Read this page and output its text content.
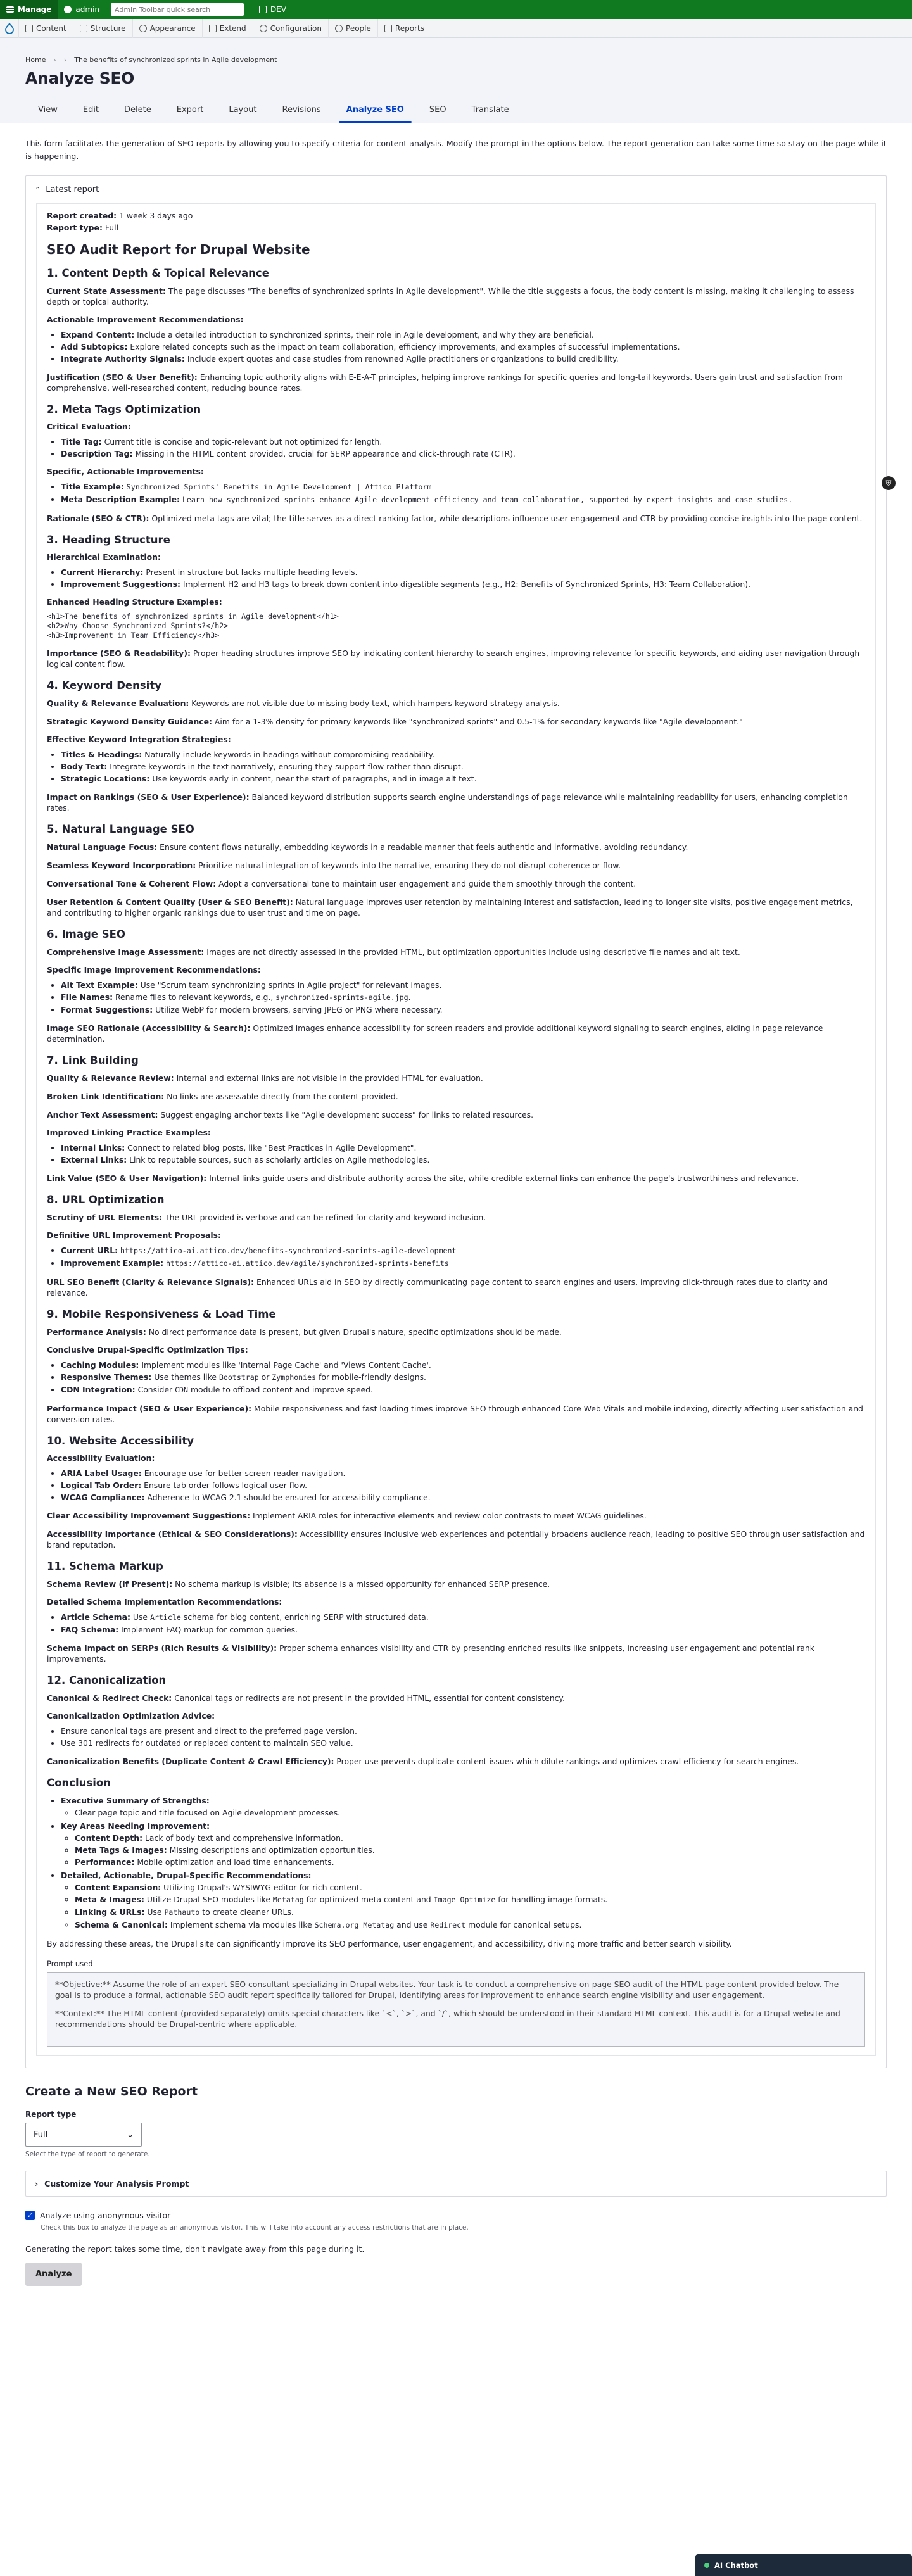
Manage	admin	Admin Toolbar quick search	DEV
Content	Structure	Appearance	Extend	Configuration	People	Reports
Home › › The benefits of synchronized sprints in Agile development
Analyze SEO
View	Edit	Delete	Export	Layout	Revisions	Analyze SEO	SEO	Translate

This form facilitates the generation of SEO reports by allowing you to specify criteria for content analysis. Modify the prompt in the options below. The report generation can take some time so stay on the page while it is happening.

⌃ Latest report

Report created: 1 week 3 days ago

Report type: Full

SEO Audit Report for Drupal Website
1. Content Depth & Topical Relevance

Current State Assessment: The page discusses "The benefits of synchronized sprints in Agile development". While the title suggests a focus, the body content is missing, making it challenging to assess depth or topical authority.

Actionable Improvement Recommendations:
• Expand Content: Include a detailed introduction to synchronized sprints, their role in Agile development, and why they are beneficial.
• Add Subtopics: Explore related concepts such as the impact on team collaboration, efficiency improvements, and examples of successful implementations.
• Integrate Authority Signals: Include expert quotes and case studies from renowned Agile practitioners or organizations to build credibility.

Justification (SEO & User Benefit): Enhancing topic authority aligns with E-E-A-T principles, helping improve rankings for specific queries and long-tail keywords. Users gain trust and satisfaction from comprehensive, well-researched content, reducing bounce rates.

2. Meta Tags Optimization
Critical Evaluation:
• Title Tag: Current title is concise and topic-relevant but not optimized for length.
• Description Tag: Missing in the HTML content provided, crucial for SERP appearance and click-through rate (CTR).
Specific, Actionable Improvements:
• Title Example: Synchronized Sprints' Benefits in Agile Development | Attico Platform
• Meta Description Example: Learn how synchronized sprints enhance Agile development efficiency and team collaboration, supported by expert insights and case studies.

Rationale (SEO & CTR): Optimized meta tags are vital; the title serves as a direct ranking factor, while descriptions influence user engagement and CTR by providing concise insights into the page content.

3. Heading Structure
Hierarchical Examination:
• Current Hierarchy: Present in structure but lacks multiple heading levels.
• Improvement Suggestions: Implement H2 and H3 tags to break down content into digestible segments (e.g., H2: Benefits of Synchronized Sprints, H3: Team Collaboration).
Enhanced Heading Structure Examples:
<h1>The benefits of synchronized sprints in Agile development</h1>
<h2>Why Choose Synchronized Sprints?</h2>
<h3>Improvement in Team Efficiency</h3>

Importance (SEO & Readability): Proper heading structures improve SEO by indicating content hierarchy to search engines, improving relevance for specific keywords, and aiding user navigation through logical content flow.

4. Keyword Density

Quality & Relevance Evaluation: Keywords are not visible due to missing body text, which hampers keyword strategy analysis.

Strategic Keyword Density Guidance: Aim for a 1-3% density for primary keywords like "synchronized sprints" and 0.5-1% for secondary keywords like "Agile development."

Effective Keyword Integration Strategies:
• Titles & Headings: Naturally include keywords in headings without compromising readability.
• Body Text: Integrate keywords in the text narratively, ensuring they support flow rather than disrupt.
• Strategic Locations: Use keywords early in content, near the start of paragraphs, and in image alt text.

Impact on Rankings (SEO & User Experience): Balanced keyword distribution supports search engine understandings of page relevance while maintaining readability for users, enhancing completion rates.

5. Natural Language SEO

Natural Language Focus: Ensure content flows naturally, embedding keywords in a readable manner that feels authentic and informative, avoiding redundancy.

Seamless Keyword Incorporation: Prioritize natural integration of keywords into the narrative, ensuring they do not disrupt coherence or flow.

Conversational Tone & Coherent Flow: Adopt a conversational tone to maintain user engagement and guide them smoothly through the content.

User Retention & Content Quality (User & SEO Benefit): Natural language improves user retention by maintaining interest and satisfaction, leading to longer site visits, positive engagement metrics, and contributing to higher organic rankings due to user trust and time on page.

6. Image SEO

Comprehensive Image Assessment: Images are not directly assessed in the provided HTML, but optimization opportunities include using descriptive file names and alt text.

Specific Image Improvement Recommendations:
• Alt Text Example: Use "Scrum team synchronizing sprints in Agile project" for relevant images.
• File Names: Rename files to relevant keywords, e.g., synchronized-sprints-agile.jpg.
• Format Suggestions: Utilize WebP for modern browsers, serving JPEG or PNG where necessary.

Image SEO Rationale (Accessibility & Search): Optimized images enhance accessibility for screen readers and provide additional keyword signaling to search engines, aiding in page relevance determination.

7. Link Building

Quality & Relevance Review: Internal and external links are not visible in the provided HTML for evaluation.

Broken Link Identification: No links are assessable directly from the content provided.

Anchor Text Assessment: Suggest engaging anchor texts like "Agile development success" for links to related resources.

Improved Linking Practice Examples:
• Internal Links: Connect to related blog posts, like "Best Practices in Agile Development".
• External Links: Link to reputable sources, such as scholarly articles on Agile methodologies.

Link Value (SEO & User Navigation): Internal links guide users and distribute authority across the site, while credible external links can enhance the page's trustworthiness and relevance.

8. URL Optimization

Scrutiny of URL Elements: The URL provided is verbose and can be refined for clarity and keyword inclusion.

Definitive URL Improvement Proposals:
• Current URL: https://attico-ai.attico.dev/benefits-synchronized-sprints-agile-development
• Improvement Example: https://attico-ai.attico.dev/agile/synchronized-sprints-benefits

URL SEO Benefit (Clarity & Relevance Signals): Enhanced URLs aid in SEO by directly communicating page content to search engines and users, improving click-through rates due to clarity and relevance.

9. Mobile Responsiveness & Load Time

Performance Analysis: No direct performance data is present, but given Drupal's nature, specific optimizations should be made.

Conclusive Drupal-Specific Optimization Tips:
• Caching Modules: Implement modules like 'Internal Page Cache' and 'Views Content Cache'.
• Responsive Themes: Use themes like Bootstrap or Zymphonies for mobile-friendly designs.
• CDN Integration: Consider CDN module to offload content and improve speed.

Performance Impact (SEO & User Experience): Mobile responsiveness and fast loading times improve SEO through enhanced Core Web Vitals and mobile indexing, directly affecting user satisfaction and conversion rates.

10. Website Accessibility
Accessibility Evaluation:
• ARIA Label Usage: Encourage use for better screen reader navigation.
• Logical Tab Order: Ensure tab order follows logical user flow.
• WCAG Compliance: Adherence to WCAG 2.1 should be ensured for accessibility compliance.

Clear Accessibility Improvement Suggestions: Implement ARIA roles for interactive elements and review color contrasts to meet WCAG guidelines.

Accessibility Importance (Ethical & SEO Considerations): Accessibility ensures inclusive web experiences and potentially broadens audience reach, leading to positive SEO through user satisfaction and brand reputation.

11. Schema Markup

Schema Review (If Present): No schema markup is visible; its absence is a missed opportunity for enhanced SERP presence.

Detailed Schema Implementation Recommendations:
• Article Schema: Use Article schema for blog content, enriching SERP with structured data.
• FAQ Schema: Implement FAQ markup for common queries.

Schema Impact on SERPs (Rich Results & Visibility): Proper schema enhances visibility and CTR by presenting enriched results like snippets, increasing user engagement and potential rank improvements.

12. Canonicalization

Canonical & Redirect Check: Canonical tags or redirects are not present in the provided HTML, essential for content consistency.

Canonicalization Optimization Advice:
• Ensure canonical tags are present and direct to the preferred page version.
• Use 301 redirects for outdated or replaced content to maintain SEO value.

Canonicalization Benefits (Duplicate Content & Crawl Efficiency): Proper use prevents duplicate content issues which dilute rankings and optimizes crawl efficiency for search engines.

Conclusion
• Executive Summary of Strengths:
◦ Clear page topic and title focused on Agile development processes.
• Key Areas Needing Improvement:
◦ Content Depth: Lack of body text and comprehensive information.
◦ Meta Tags & Images: Missing descriptions and optimization opportunities.
◦ Performance: Mobile optimization and load time enhancements.
• Detailed, Actionable, Drupal-Specific Recommendations:
◦ Content Expansion: Utilizing Drupal's WYSIWYG editor for rich content.
◦ Meta & Images: Utilize Drupal SEO modules like Metatag for optimized meta content and Image Optimize for handling image formats.
◦ Linking & URLs: Use Pathauto to create cleaner URLs.
◦ Schema & Canonical: Implement schema via modules like Schema.org Metatag and use Redirect module for canonical setups.

By addressing these areas, the Drupal site can significantly improve its SEO performance, user engagement, and accessibility, driving more traffic and better search visibility.

Prompt used

**Objective:** Assume the role of an expert SEO consultant specializing in Drupal websites. Your task is to conduct a comprehensive on-page SEO audit of the HTML page content provided below. The goal is to produce a formal, actionable SEO audit report specifically tailored for Drupal, identifying areas for improvement to enhance search engine visibility and user engagement.

**Context:** The HTML content (provided separately) omits special characters like `<`, `>`, and `/`, which should be understood in their standard HTML context. This audit is for a Drupal website and recommendations should be Drupal-centric where applicable.

Create a New SEO Report
Report type
Full	⌄
Select the type of report to generate.
› Customize Your Analysis Prompt
✓ Analyze using anonymous visitor
Check this box to analyze the page as an anonymous visitor. This will take into account any access restrictions that are in place.
Generating the report takes some time, don't navigate away from this page during it.
Analyze
⛨
AI Chatbot
